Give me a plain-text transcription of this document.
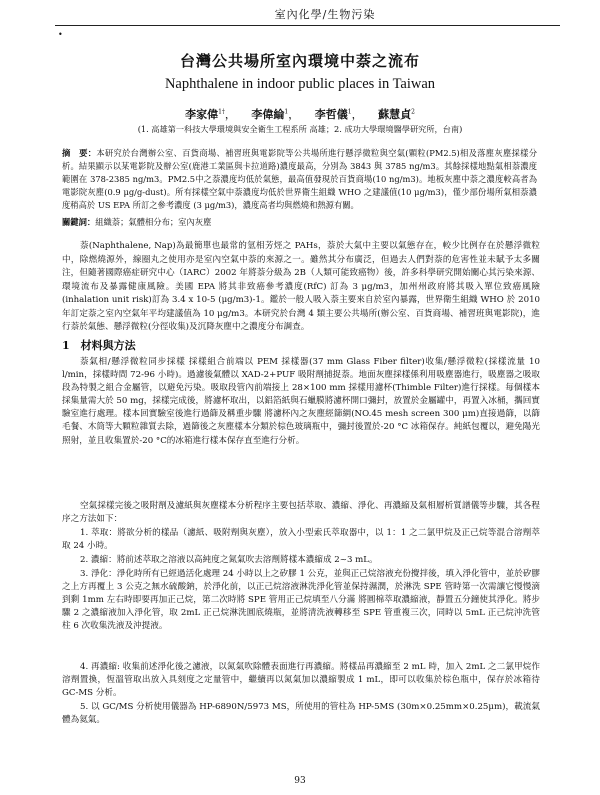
室內化學/生物污染
•
台灣公共場所室內環境中萘之流布
Naphthalene in indoor public places in Taiwan
李家偉$^{1\dagger}$， 李偉綸$^1$， 李哲儀$^1$， 蘇慧貞$^2$
(1. 高雄第一科技大學環境與安全衛生工程系所 高雄；2. 成功大學環境醫學研究所，台南)
摘　要：本研究於台灣辦公室、百貨商場、補習班與電影院等公共場所進行懸浮微粒與空氣(顆粒(PM2.5)相及落塵灰塵採樣分析。結果顯示以某電影院及辦公室(鹿港工業區與卡拉道路)濃度最高，分別為 3843 與 3785 ng/m3。其餘採樣地點氣相萘濃度範圍在 378-2385 ng/m3。PM2.5中之萘濃度均低於氣態，最高值發現於百貨商場(10 ng/m3)。地板灰塵中萘之濃度較高者為電影院灰塵(0.9 μg/g-dust)。所有採樣空氣中萘濃度均低於世界衛生組織 WHO 之建議值(10 μg/m3)，僅少部份場所氣相萘濃度稍高於 US EPA 所訂之參考濃度 (3 μg/m3)，濃度高者均與燃燒和熱源有關。
關鍵詞：組織萘；氣體相分布；室內灰塵
萘(Naphthalene, Nap)為最簡單也最常的氫相芳烴之 PAHs，萘於大氣中主要以氣態存在，較少比例存在於懸浮微粒中，除燃燒源外，線圈丸之使用亦是室內空氣中萘的來源之一。雖然其分布廣泛，但過去人們對萘的危害性並未賦予太多關注，但隨著國際癌症研究中心（IARC）2002 年將萘分級為 2B（人類可能致癌物）後，許多科學研究開始關心其污染來源、環境流布及暴露健康風險。美國 EPA 將其非致癌參考濃度(RfC) 訂為 3 μg/m3，加州州政府將其吸入單位致癌風險(inhalation unit risk)訂為 3.4 x 10-5 (μg/m3)-1。鑑於一般人吸入萘主要來自於室內暴露，世界衛生組織 WHO 於 2010 年訂定萘之室內空氣年平均建議值為 10 μg/m3。本研究於台灣 4 類主要公共場所(辦公室、百貨商場、補習班與電影院)，進行萘於氣態、懸浮微粒(分徑收集)及沉降灰塵中之濃度分布調查。
1　材料與方法
萘氣相/懸浮微粒同步採樣 採樣組合前端以 PEM 採樣器(37 mm Glass Fiber filter)收集/懸浮微粒(採樣流量 10 l/min，採樣時間 72-96 小時)。過濾後氣體以 XAD-2+PUF 吸附劑捕捉萘。地面灰塵採樣係利用吸塵器進行，吸塵器之吸取段為特製之組合金屬管，以避免污染。吸取段管內前端接上 28×100 mm 採樣用濾杯(Thimble Filter)進行採樣。每個樣本採集量需大於 50 mg，採樣完成後，將濾杯取出，以鋁箔紙與石蠟膜將濾杯開口彌封，放置於金屬罐中，再置入冰桶，攜回實驗室進行處理。樣本回實驗室後進行過篩及稱重步驟 將濾杯內之灰塵經篩網(NO.45 mesh screen 300 μm)直接過篩，以篩毛餐、木筒等大顆粒雜質去除，過篩後之灰塵樣本分類於棕色玻璃瓶中，彌封後置於-20 °C 冰箱保存。純紙包覆以，避免陽光照射，並且收集置於-20 °C的冰箱進行樣本保存直至進行分析。
空氣採樣完後之吸附劑及濾紙與灰塵樣本分析程序主要包括萃取、濃縮、淨化、再濃縮及氣相層析質譜儀等步驟，其各程序之方法如下：
1. 萃取：將欲分析的樣品（濾紙、吸附劑與灰塵），放入小型索氏萃取器中，以 1：1 之二氯甲烷及正己烷等混合溶劑萃取 24 小時。
2. 濃縮：將前述萃取之溶液以高純度之氮氣吹去溶劑將樣本濃縮成 2~3 mL。
3. 淨化：淨化時所有已經過活化處理 24 小時以上之矽膠 1 公克，並與正己烷溶液充份攪拌後，填入淨化管中，並於矽膠之上方再覆上 3 公克之無水硫酸鈉，於淨化前，以正己烷溶液淋洗淨化管並保持濕潤，於淋洗 SPE 管時第一次需讓它慢慢滴到剩 1mm 左右時即要再加正己烷，第二次時將 SPE 管用正己烷填至八分滿 將圓棉萃取濃縮液，靜置五分鐘使其淨化。將步驟 2 之濃縮液加入淨化管，取 2mL 正己烷淋洗圓底燒瓶，並將清洗液轉移至 SPE 管重複三次，同時以 5mL 正己烷沖洗管柱 6 次收集洗液及沖提液。
4. 再濃縮: 收集前述淨化後之濾液，以氮氣吹除體表面進行再濃縮。將樣品再濃縮至 2 mL 時，加入 2mL 之二氯甲烷作溶劑置換，恆溫管取出放入具刻度之定量管中，繼續再以氮氣加以濃縮製成 1 mL，即可以收集於棕色瓶中，保存於冰箱待 GC-MS 分析。
5. 以 GC/MS 分析使用儀器為 HP-6890N/5973 MS，所使用的管柱為 HP-5MS (30m×0.25mm×0.25μm)，載流氣體為氦氣。
93
